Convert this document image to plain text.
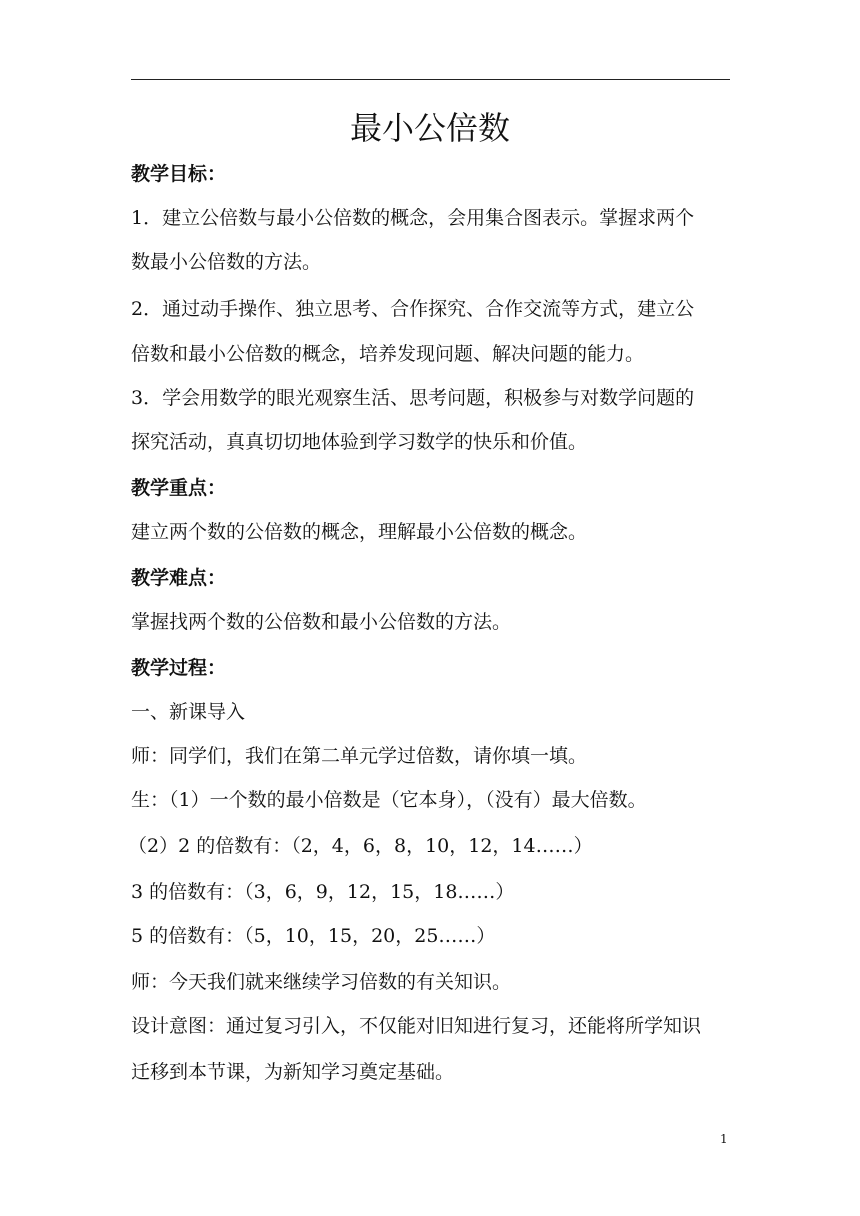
最小公倍数
教学目标：
1．建立公倍数与最小公倍数的概念，会用集合图表示。掌握求两个
数最小公倍数的方法。
2．通过动手操作、独立思考、合作探究、合作交流等方式，建立公
倍数和最小公倍数的概念，培养发现问题、解决问题的能力。
3．学会用数学的眼光观察生活、思考问题，积极参与对数学问题的
探究活动，真真切切地体验到学习数学的快乐和价值。
教学重点：
建立两个数的公倍数的概念，理解最小公倍数的概念。
教学难点：
掌握找两个数的公倍数和最小公倍数的方法。
教学过程：
一、新课导入
师：同学们，我们在第二单元学过倍数，请你填一填。
生：（1）一个数的最小倍数是（它本身），（没有）最大倍数。
（2）2 的倍数有：（2，4，6，8，10，12，14……）
3 的倍数有：（3，6，9，12，15，18……）
5 的倍数有：（5，10，15，20，25……）
师：今天我们就来继续学习倍数的有关知识。
设计意图：通过复习引入，不仅能对旧知进行复习，还能将所学知识
迁移到本节课，为新知学习奠定基础。
1
